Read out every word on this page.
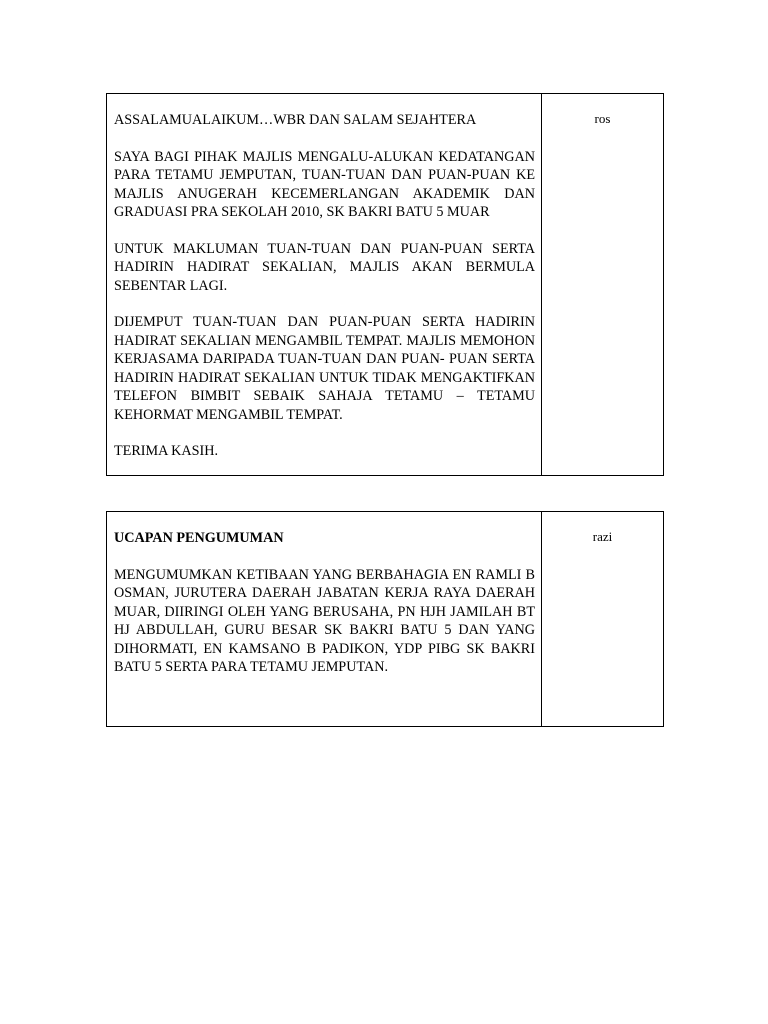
ASSALAMUALAIKUM…WBR DAN SALAM SEJAHTERA

SAYA BAGI PIHAK MAJLIS MENGALU-ALUKAN KEDATANGAN PARA TETAMU JEMPUTAN, TUAN-TUAN DAN PUAN-PUAN KE MAJLIS ANUGERAH KECEMERLANGAN AKADEMIK DAN GRADUASI PRA SEKOLAH 2010, SK BAKRI BATU 5 MUAR

UNTUK MAKLUMAN TUAN-TUAN DAN PUAN-PUAN SERTA HADIRIN HADIRAT SEKALIAN, MAJLIS AKAN BERMULA SEBENTAR LAGI.

DIJEMPUT TUAN-TUAN DAN PUAN-PUAN SERTA HADIRIN HADIRAT SEKALIAN MENGAMBIL TEMPAT. MAJLIS MEMOHON KERJASAMA DARIPADA TUAN-TUAN DAN PUAN- PUAN SERTA HADIRIN HADIRAT SEKALIAN UNTUK TIDAK MENGAKTIFKAN TELEFON BIMBIT SEBAIK SAHAJA TETAMU – TETAMU KEHORMAT MENGAMBIL TEMPAT.

TERIMA KASIH.

	ros

UCAPAN PENGUMUMAN

MENGUMUMKAN KETIBAAN YANG BERBAHAGIA EN RAMLI B OSMAN, JURUTERA DAERAH JABATAN KERJA RAYA DAERAH MUAR, DIIRINGI OLEH YANG BERUSAHA, PN HJH JAMILAH BT HJ ABDULLAH, GURU BESAR SK BAKRI BATU 5 DAN YANG DIHORMATI, EN KAMSANO B PADIKON, YDP PIBG SK BAKRI BATU 5 SERTA PARA TETAMU JEMPUTAN.

	razi
